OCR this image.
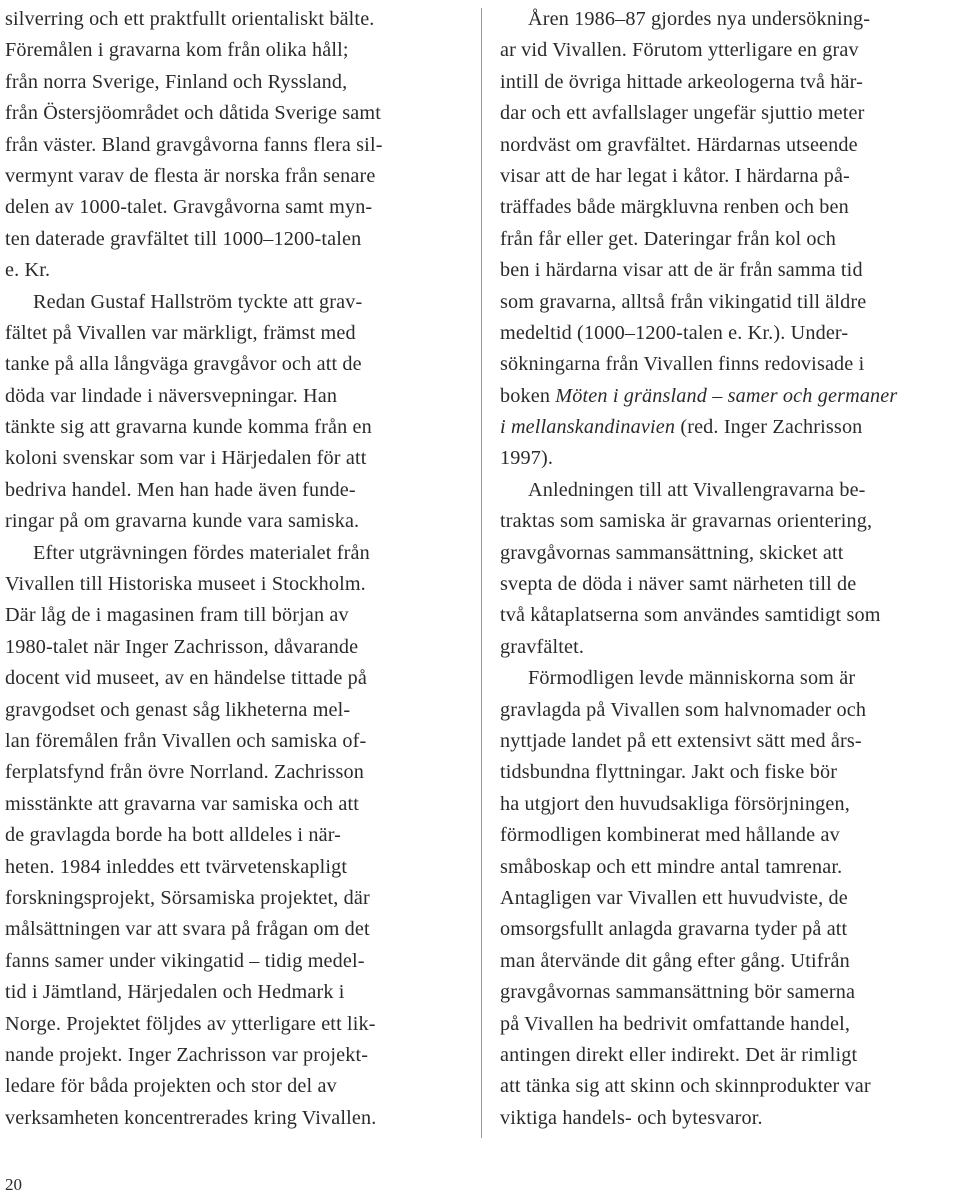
silverring och ett praktfullt orientaliskt bälte.
Föremålen i gravarna kom från olika håll;
från norra Sverige, Finland och Ryssland,
från Östersjöområdet och dåtida Sverige samt
från väster. Bland gravgåvorna fanns flera sil-
vermynt varav de flesta är norska från senare
delen av 1000-talet. Gravgåvorna samt myn-
ten daterade gravfältet till 1000–1200-talen
e. Kr.
Redan Gustaf Hallström tyckte att grav-
fältet på Vivallen var märkligt, främst med
tanke på alla långväga gravgåvor och att de
döda var lindade i näversvepningar. Han
tänkte sig att gravarna kunde komma från en
koloni svenskar som var i Härjedalen för att
bedriva handel. Men han hade även funde-
ringar på om gravarna kunde vara samiska.
Efter utgrävningen fördes materialet från
Vivallen till Historiska museet i Stockholm.
Där låg de i magasinen fram till början av
1980-talet när Inger Zachrisson, dåvarande
docent vid museet, av en händelse tittade på
gravgodset och genast såg likheterna mel-
lan föremålen från Vivallen och samiska of-
ferplatsfynd från övre Norrland. Zachrisson
misstänkte att gravarna var samiska och att
de gravlagda borde ha bott alldeles i när-
heten. 1984 inleddes ett tvärvetenskapligt
forskningsprojekt, Sörsamiska projektet, där
målsättningen var att svara på frågan om det
fanns samer under vikingatid – tidig medel-
tid i Jämtland, Härjedalen och Hedmark i
Norge. Projektet följdes av ytterligare ett lik-
nande projekt. Inger Zachrisson var projekt-
ledare för båda projekten och stor del av
verksamheten koncentrerades kring Vivallen.
Åren 1986–87 gjordes nya undersökning-
ar vid Vivallen. Förutom ytterligare en grav
intill de övriga hittade arkeologerna två här-
dar och ett avfallslager ungefär sjuttio meter
nordväst om gravfältet. Härdarnas utseende
visar att de har legat i kåtor. I härdarna på-
träffades både märgkluvna renben och ben
från får eller get. Dateringar från kol och
ben i härdarna visar att de är från samma tid
som gravarna, alltså från vikingatid till äldre
medeltid (1000–1200-talen e. Kr.). Under-
sökningarna från Vivallen finns redovisade i
boken Möten i gränsland – samer och germaner
i mellanskandinavien (red. Inger Zachrisson
1997).
Anledningen till att Vivallengravarna be-
traktas som samiska är gravarnas orientering,
gravgåvornas sammansättning, skicket att
svepta de döda i näver samt närheten till de
två kåtaplatserna som användes samtidigt som
gravfältet.
Förmodligen levde människorna som är
gravlagda på Vivallen som halvnomader och
nyttjade landet på ett extensivt sätt med års-
tidsbundna flyttningar. Jakt och fiske bör
ha utgjort den huvudsakliga försörjningen,
förmodligen kombinerat med hållande av
småboskap och ett mindre antal tamrenar.
Antagligen var Vivallen ett huvudviste, de
omsorgsfullt anlagda gravarna tyder på att
man återvände dit gång efter gång. Utifrån
gravgåvornas sammansättning bör samerna
på Vivallen ha bedrivit omfattande handel,
antingen direkt eller indirekt. Det är rimligt
att tänka sig att skinn och skinnprodukter var
viktiga handels- och bytesvaror.
20
